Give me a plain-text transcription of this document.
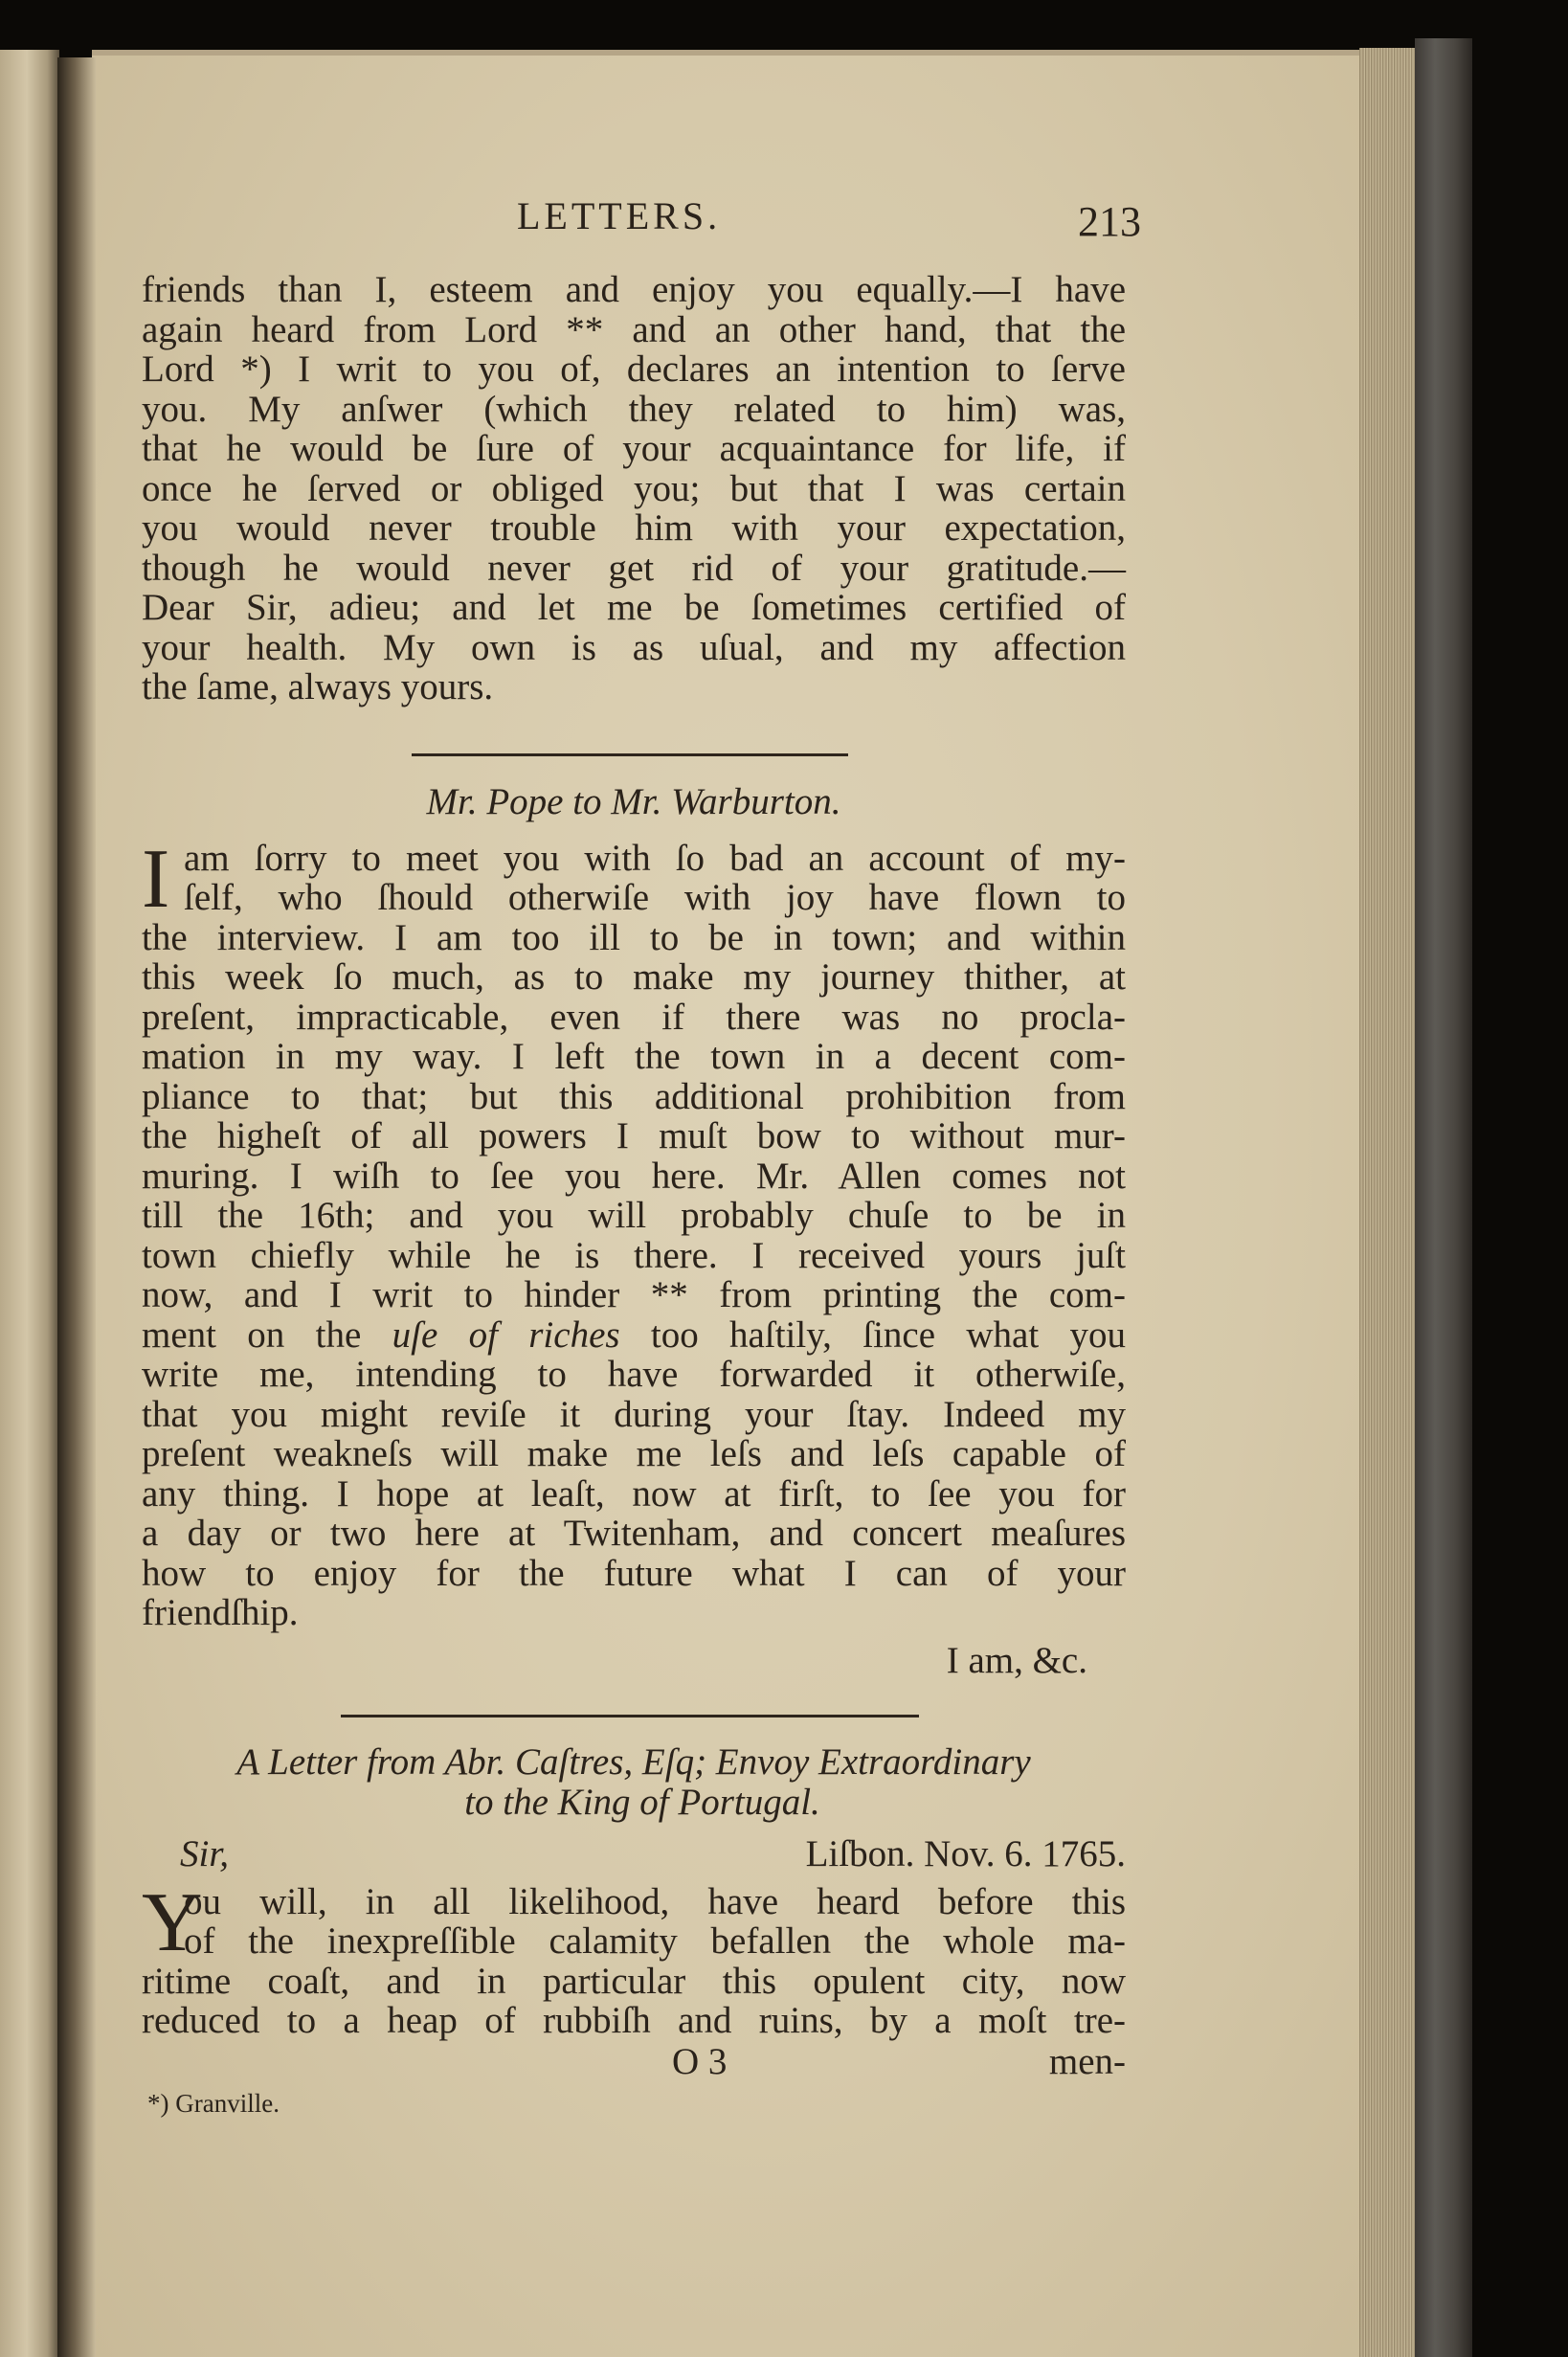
LETTERS.	213
friends than I, esteem and enjoy you equally.—I have
again heard from Lord ** and an other hand, that the
Lord *) I writ to you of, declares an intention to ſerve
you. My anſwer (which they related to him) was,
that he would be ſure of your acquaintance for life, if
once he ſerved or obliged you; but that I was certain
you would never trouble him with your expectation,
though he would never get rid of your gratitude.—
Dear Sir, adieu; and let me be ſometimes certified of
your health. My own is as uſual, and my affection
the ſame, always yours.
Mr. Pope to Mr. Warburton.
I am ſorry to meet you with ſo bad an account of my-
ſelf, who ſhould otherwiſe with joy have flown to
the interview. I am too ill to be in town; and within
this week ſo much, as to make my journey thither, at
preſent, impracticable, even if there was no procla-
mation in my way. I left the town in a decent com-
pliance to that; but this additional prohibition from
the higheſt of all powers I muſt bow to without mur-
muring. I wiſh to ſee you here. Mr. Allen comes not
till the 16th; and you will probably chuſe to be in
town chiefly while he is there. I received yours juſt
now, and I writ to hinder ** from printing the com-
ment on the uſe of riches too haſtily, ſince what you
write me, intending to have forwarded it otherwiſe,
that you might reviſe it during your ſtay. Indeed my
preſent weakneſs will make me leſs and leſs capable of
any thing. I hope at leaſt, now at firſt, to ſee you for
a day or two here at Twitenham, and concert meaſures
how to enjoy for the future what I can of your
friendſhip.
I am, &c.
A Letter from Abr. Caſtres, Eſq; Envoy Extraordinary
to the King of Portugal.
Sir,	Liſbon. Nov. 6. 1765.
Y
ou will, in all likelihood, have heard before this
of the inexpreſſible calamity befallen the whole ma-
ritime coaſt, and in particular this opulent city, now
reduced to a heap of rubbiſh and ruins, by a moſt tre-
O 3	men-
*) Granville.
